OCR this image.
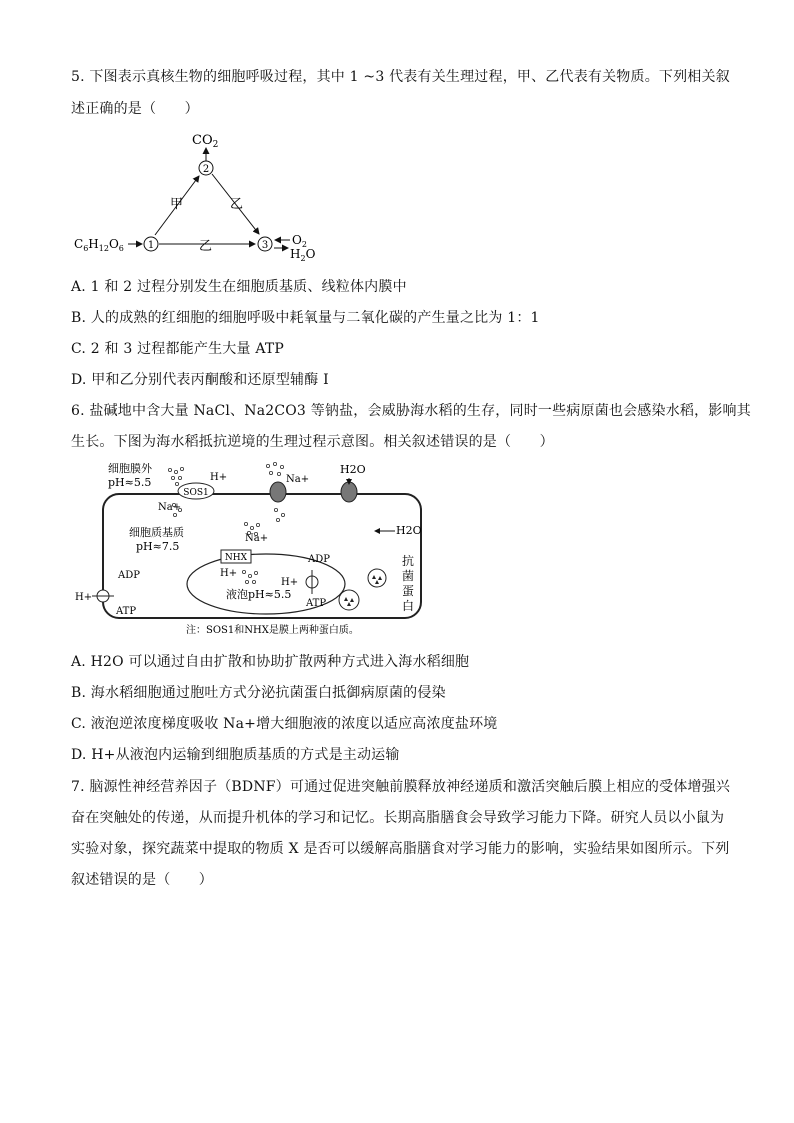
5. 下图表示真核生物的细胞呼吸过程，其中 1 ~3 代表有关生理过程，甲、乙代表有关物质。下列相关叙
述正确的是（　　）
$CO_2$
2
甲	乙
$C_6H_{12}O_6$ 1	乙	3 $O_2$
$H_2O$
A. 1 和 2 过程分别发生在细胞质基质、线粒体内膜中
B. 人的成熟的红细胞的细胞呼吸中耗氧量与二氧化碳的产生量之比为 1：1
C. 2 和 3 过程都能产生大量 ATP
D. 甲和乙分别代表丙酮酸和还原型辅酶 I
6. 盐碱地中含大量 NaCl、Na2CO3 等钠盐，会威胁海水稻的生存，同时一些病原菌也会感染水稻，影响其
生长。下图为海水稻抵抗逆境的生理过程示意图。相关叙述错误的是（　　）
细胞膜外
pH≈5.5
SOS1
H+
Na+
Na+
H2O
H2O
细胞质基质
pH≈7.5
NHX
Na+
H+
液泡pH≈5.5
H+
ADP
ATP
H+
ADP
ATP
抗
菌
蛋
白
注：SOS1和NHX是膜上两种蛋白质。
A. H2O 可以通过自由扩散和协助扩散两种方式进入海水稻细胞
B. 海水稻细胞通过胞吐方式分泌抗菌蛋白抵御病原菌的侵染
C. 液泡逆浓度梯度吸收 Na+增大细胞液的浓度以适应高浓度盐环境
D. H+从液泡内运输到细胞质基质的方式是主动运输
7. 脑源性神经营养因子（BDNF）可通过促进突触前膜释放神经递质和激活突触后膜上相应的受体增强兴
奋在突触处的传递，从而提升机体的学习和记忆。长期高脂膳食会导致学习能力下降。研究人员以小鼠为
实验对象，探究蔬菜中提取的物质 X 是否可以缓解高脂膳食对学习能力的影响，实验结果如图所示。下列
叙述错误的是（　　）
